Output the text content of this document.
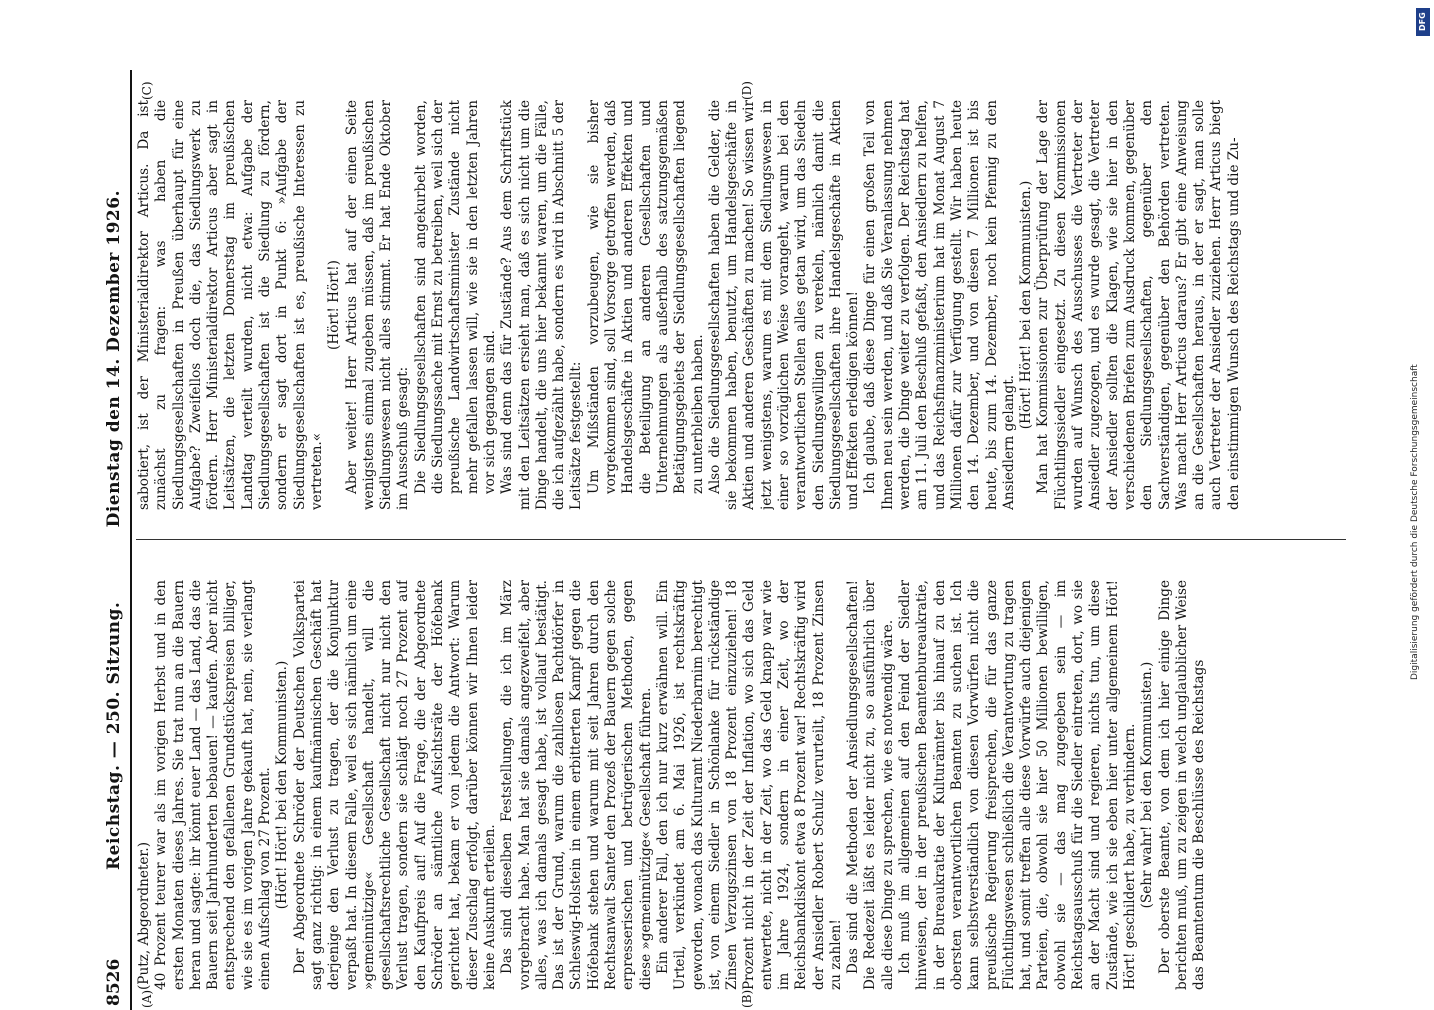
8526
Reichstag. — 250. Sitzung.
Dienstag den 14. Dezember 1926.
(A)	(B)
(C)	(D)

(Putz, Abgeordneter.) 40 Prozent teurer war als im vorigen Herbst und in den ersten Monaten dieses Jahres. Sie trat nun an die Bauern heran und sagte: ihr könnt euer Land — das Land, das die Bauern seit Jahrhunderten bebauen! — kaufen. Aber nicht entsprechend den gefallenen Grundstückspreisen billiger, wie sie es im vorigen Jahre gekauft hat, nein, sie verlangt einen Aufschlag von 27 Prozent. (Hört! Hört! bei den Kommunisten.) Der Abgeordnete Schröder der Deutschen Volkspartei sagt ganz richtig: in einem kaufmännischen Geschäft hat derjenige den Verlust zu tragen, der die Konjunktur verpaßt hat. In diesem Falle, weil es sich nämlich um eine »gemeinnützige« Gesellschaft handelt, will die gesellschaftsrechtliche Gesellschaft nicht nur nicht den Verlust tragen, sondern sie schlägt noch 27 Prozent auf den Kaufpreis auf! Auf die Frage, die der Abgeordnete Schröder an sämtliche Aufsichtsräte der Höfebank gerichtet hat, bekam er von jedem die Antwort: Warum dieser Zuschlag erfolgt, darüber können wir Ihnen leider keine Auskunft erteilen. Das sind dieselben Feststellungen, die ich im März vorgebracht habe. Man hat sie damals angezweifelt, aber alles, was ich damals gesagt habe, ist vollauf bestätigt. Das ist der Grund, warum die zahllosen Pachtdörfer in Schleswig-Holstein in einem erbitterten Kampf gegen die Höfebank stehen und warum mit seit Jahren durch den Rechtsanwalt Santer den Prozeß der Bauern gegen solche erpresserischen und betrügerischen Methoden, gegen diese »gemeinnützige« Gesellschaft führen. Ein anderer Fall, den ich nur kurz erwähnen will. Ein Urteil, verkündet am 6. Mai 1926, ist rechtskräftig geworden, wonach das Kulturamt Niederbarnim berechtigt ist, von einem Siedler in Schönlanke für rückständige Zinsen Verzugszinsen von 18 Prozent einzuziehen! 18 Prozent nicht in der Zeit der Inflation, wo sich das Geld entwertete, nicht in der Zeit, wo das Geld knapp war wie im Jahre 1924, sondern in einer Zeit, wo der Reichsbankdiskont etwa 8 Prozent war! Rechtskräftig wird der Ansiedler Robert Schulz verurteilt, 18 Prozent Zinsen zu zahlen! Das sind die Methoden der Ansiedlungsgesellschaften! Die Redezeit läßt es leider nicht zu, so ausführlich über alle diese Dinge zu sprechen, wie es notwendig wäre. Ich muß im allgemeinen auf den Feind der Siedler hinweisen, der in der preußischen Beamtenbureaukratie, in der Bureaukratie der Kulturämter bis hinauf zu den obersten verantwortlichen Beamten zu suchen ist. Ich kann selbstverständlich von diesen Vorwürfen nicht die preußische Regierung freisprechen, die für das ganze Flüchtlingswesen schließlich die Verantwortung zu tragen hat, und somit treffen alle diese Vorwürfe auch diejenigen Parteien, die, obwohl sie hier 50 Millionen bewilligen, obwohl sie — das mag zugegeben sein — im Reichstagsausschuß für die Siedler eintreten, dort, wo sie an der Macht sind und regieren, nichts tun, um diese Zustände, wie ich sie eben hier unter allgemeinem Hört! Hört! geschildert habe, zu verhindern. (Sehr wahr! bei den Kommunisten.) Der oberste Beamte, von dem ich hier einige Dinge berichten muß, um zu zeigen in welch unglaublicher Weise das Beamtentum die Beschlüsse des Reichstags

sabotiert, ist der Ministerialdirektor Articus. Da ist zunächst zu fragen: was haben die Siedlungsgesellschaften in Preußen überhaupt für eine Aufgabe? Zweifellos doch die, das Siedlungswerk zu fördern. Herr Ministerialdirektor Articus aber sagt in Leitsätzen, die letzten Donnerstag im preußischen Landtag verteilt wurden, nicht etwa: Aufgabe der Siedlungsgesellschaften ist die Siedlung zu fördern, sondern er sagt dort in Punkt 6: »Aufgabe der Siedlungsgesellschaften ist es, preußische Interessen zu vertreten.«

(Hört! Hört!) Aber weiter! Herr Articus hat auf der einen Seite wenigstens einmal zugeben müssen, daß im preußischen Siedlungswesen nicht alles stimmt. Er hat Ende Oktober im Ausschuß gesagt: Die Siedlungsgesellschaften sind angekurbelt worden, die Siedlungssache mit Ernst zu betreiben, weil sich der preußische Landwirtschaftsminister Zustände nicht mehr gefallen lassen will, wie sie in den letzten Jahren vor sich gegangen sind. Was sind denn das für Zustände? Aus dem Schriftstück mit den Leitsätzen ersieht man, daß es sich nicht um die Dinge handelt, die uns hier bekannt waren, um die Fälle, die ich aufgezählt habe, sondern es wird in Abschnitt 5 der Leitsätze festgestellt: Um Mißständen vorzubeugen, wie sie bisher vorgekommen sind, soll Vorsorge getroffen werden, daß Handelsgeschäfte in Aktien und anderen Effekten und die Beteiligung an anderen Gesellschaften und Unternehmungen als außerhalb des satzungsgemäßen Betätigungsgebiets der Siedlungsgesellschaften liegend zu unterbleiben haben. Also die Siedlungsgesellschaften haben die Gelder, die sie bekommen haben, benutzt, um Handelsgeschäfte in Aktien und anderen Geschäften zu machen! So wissen wir jetzt wenigstens, warum es mit dem Siedlungswesen in einer so vorzüglichen Weise vorangeht, warum bei den verantwortlichen Stellen alles getan wird, um das Siedeln den Siedlungswilligen zu verekeln, nämlich damit die Siedlungsgesellschaften ihre Handelsgeschäfte in Aktien und Effekten erledigen können! Ich glaube, daß diese Dinge für einen großen Teil von Ihnen neu sein werden, und daß Sie Veranlassung nehmen werden, die Dinge weiter zu verfolgen. Der Reichstag hat am 11. Juli den Beschluß gefaßt, den Ansiedlern zu helfen, und das Reichsfinanzministerium hat im Monat August 7 Millionen dafür zur Verfügung gestellt. Wir haben heute den 14. Dezember, und von diesen 7 Millionen ist bis heute, bis zum 14. Dezember, noch kein Pfennig zu den Ansiedlern gelangt.

(Hört! Hört! bei den Kommunisten.) Man hat Kommissionen zur Überprüfung der Lage der Flüchtlingssiedler eingesetzt. Zu diesen Kommissionen wurden auf Wunsch des Ausschusses die Vertreter der Ansiedler zugezogen, und es wurde gesagt, die Vertreter der Ansiedler sollten die Klagen, wie sie hier in den verschiedenen Briefen zum Ausdruck kommen, gegenüber den Siedlungsgesellschaften, gegenüber den Sachverständigen, gegenüber den Behörden vertreten. Was macht Herr Articus daraus? Er gibt eine Anweisung an die Gesellschaften heraus, in der er sagt, man solle auch Vertreter der Ansiedler zuziehen. Herr Articus biegt den einstimmigen Wunsch des Reichstags und die Zu-

DFG
Digitalisierung gefördert durch die Deutsche Forschungsgemeinschaft
